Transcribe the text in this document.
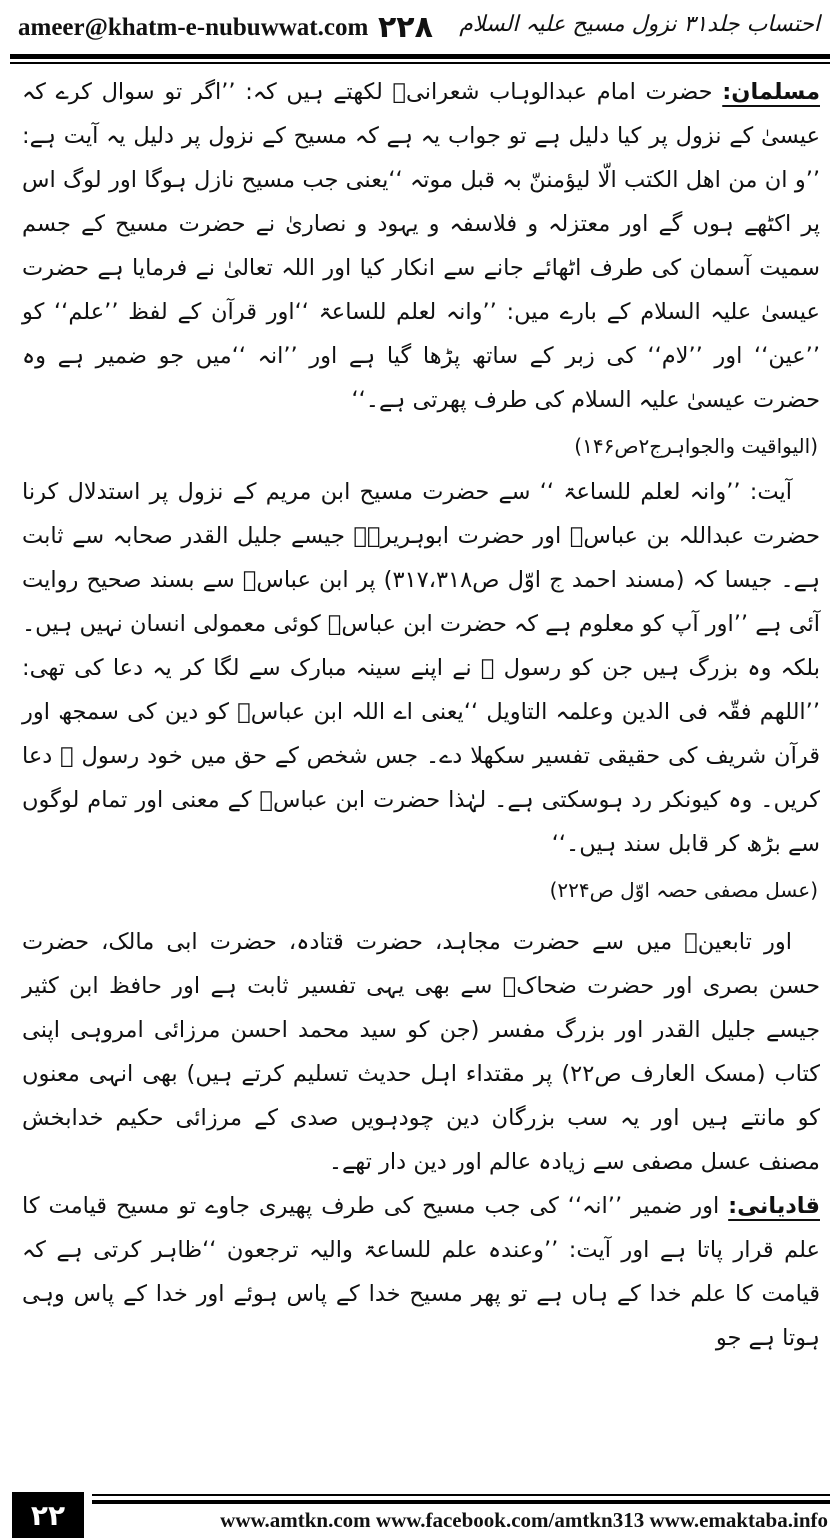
ameer@khatm-e-nubuwwat.com ۲۲۸ احتساب جلد۳۱ نزول مسیح علیہ السلام

مسلمان: حضرت امام عبدالوہاب شعرانیؒ لکھتے ہیں کہ: ’’اگر تو سوال کرے کہ عیسیٰ کے نزول پر کیا دلیل ہے تو جواب یہ ہے کہ مسیح کے نزول پر دلیل یہ آیت ہے: ’’و ان من اھل الکتب الّا لیؤمننّ بہ قبل موتہ ‘‘یعنی جب مسیح نازل ہوگا اور لوگ اس پر اکٹھے ہوں گے اور معتزلہ و فلاسفہ و یہود و نصاریٰ نے حضرت مسیح کے جسم سمیت آسمان کی طرف اٹھائے جانے سے انکار کیا اور اللہ تعالیٰ نے فرمایا ہے حضرت عیسیٰ علیہ السلام کے بارے میں: ’’وانہ لعلم للساعۃ ‘‘اور قرآن کے لفظ ’’علم‘‘ کو ’’عین‘‘ اور ’’لام‘‘ کی زبر کے ساتھ پڑھا گیا ہے اور ’’انہ ‘‘میں جو ضمیر ہے وہ حضرت عیسیٰ علیہ السلام کی طرف پھرتی ہے۔‘‘

(الیواقیت والجواہرج۲ص۱۴۶)

آیت: ’’وانہ لعلم للساعۃ ‘‘ سے حضرت مسیح ابن مریم کے نزول پر استدلال کرنا حضرت عبداللہ بن عباسؓ اور حضرت ابوہریرہؓ جیسے جلیل القدر صحابہ سے ثابت ہے۔ جیسا کہ (مسند احمد ج اوّل ص۳۱۷،۳۱۸) پر ابن عباسؓ سے بسند صحیح روایت آئی ہے ’’اور آپ کو معلوم ہے کہ حضرت ابن عباسؓ کوئی معمولی انسان نہیں ہیں۔ بلکہ وہ بزرگ ہیں جن کو رسول ﷺ نے اپنے سینہ مبارک سے لگا کر یہ دعا کی تھی: ’’اللھم فقّہ فی الدین وعلمہ التاویل ‘‘یعنی اے اللہ ابن عباسؓ کو دین کی سمجھ اور قرآن شریف کی حقیقی تفسیر سکھلا دے۔ جس شخص کے حق میں خود رسول ﷺ دعا کریں۔ وہ کیونکر رد ہوسکتی ہے۔ لہٰذا حضرت ابن عباسؓ کے معنی اور تمام لوگوں سے بڑھ کر قابل سند ہیں۔‘‘

(عسل مصفی حصہ اوّل ص۲۲۴)

اور تابعینؒ میں سے حضرت مجاہد، حضرت قتادہ، حضرت ابی مالک، حضرت حسن بصری اور حضرت ضحاکؒ سے بھی یہی تفسیر ثابت ہے اور حافظ ابن کثیر جیسے جلیل القدر اور بزرگ مفسر (جن کو سید محمد احسن مرزائی امروہی اپنی کتاب (مسک العارف ص۲۲) پر مقتداء اہل حدیث تسلیم کرتے ہیں) بھی انہی معنوں کو مانتے ہیں اور یہ سب بزرگان دین چودہویں صدی کے مرزائی حکیم خدابخش مصنف عسل مصفی سے زیادہ عالم اور دین دار تھے۔

قادیانی: اور ضمیر ’’انہ‘‘ کی جب مسیح کی طرف پھیری جاوے تو مسیح قیامت کا علم قرار پاتا ہے اور آیت: ’’وعندہ علم للساعۃ والیہ ترجعون ‘‘ظاہر کرتی ہے کہ قیامت کا علم خدا کے ہاں ہے تو پھر مسیح خدا کے پاس ہوئے اور خدا کے پاس وہی ہوتا ہے جو

۲۲	www.amtkn.com www.facebook.com/amtkn313 www.emaktaba.info
